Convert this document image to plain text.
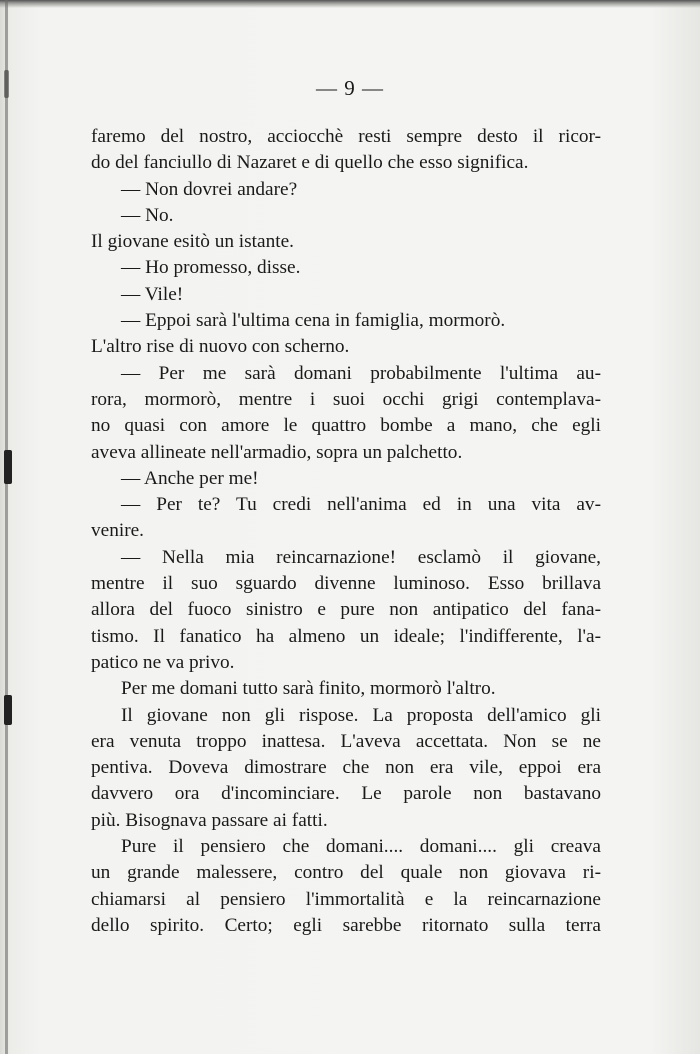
— 9 —
faremo del nostro, acciocchè resti sempre desto il ricor-
do del fanciullo di Nazaret e di quello che esso significa.
— Non dovrei andare?
— No.
Il giovane esitò un istante.
— Ho promesso, disse.
— Vile!
— Eppoi sarà l'ultima cena in famiglia, mormorò.
L'altro rise di nuovo con scherno.
— Per me sarà domani probabilmente l'ultima au-
rora, mormorò, mentre i suoi occhi grigi contemplava-
no quasi con amore le quattro bombe a mano, che egli
aveva allineate nell'armadio, sopra un palchetto.
— Anche per me!
— Per te? Tu credi nell'anima ed in una vita av-
venire.
— Nella mia reincarnazione! esclamò il giovane,
mentre il suo sguardo divenne luminoso. Esso brillava
allora del fuoco sinistro e pure non antipatico del fana-
tismo. Il fanatico ha almeno un ideale; l'indifferente, l'a-
patico ne va privo.
Per me domani tutto sarà finito, mormorò l'altro.
Il giovane non gli rispose. La proposta dell'amico gli
era venuta troppo inattesa. L'aveva accettata. Non se ne
pentiva. Doveva dimostrare che non era vile, eppoi era
davvero ora d'incominciare. Le parole non bastavano
più. Bisognava passare ai fatti.
Pure il pensiero che domani.... domani.... gli creava
un grande malessere, contro del quale non giovava ri-
chiamarsi al pensiero l'immortalità e la reincarnazione
dello spirito. Certo; egli sarebbe ritornato sulla terra
